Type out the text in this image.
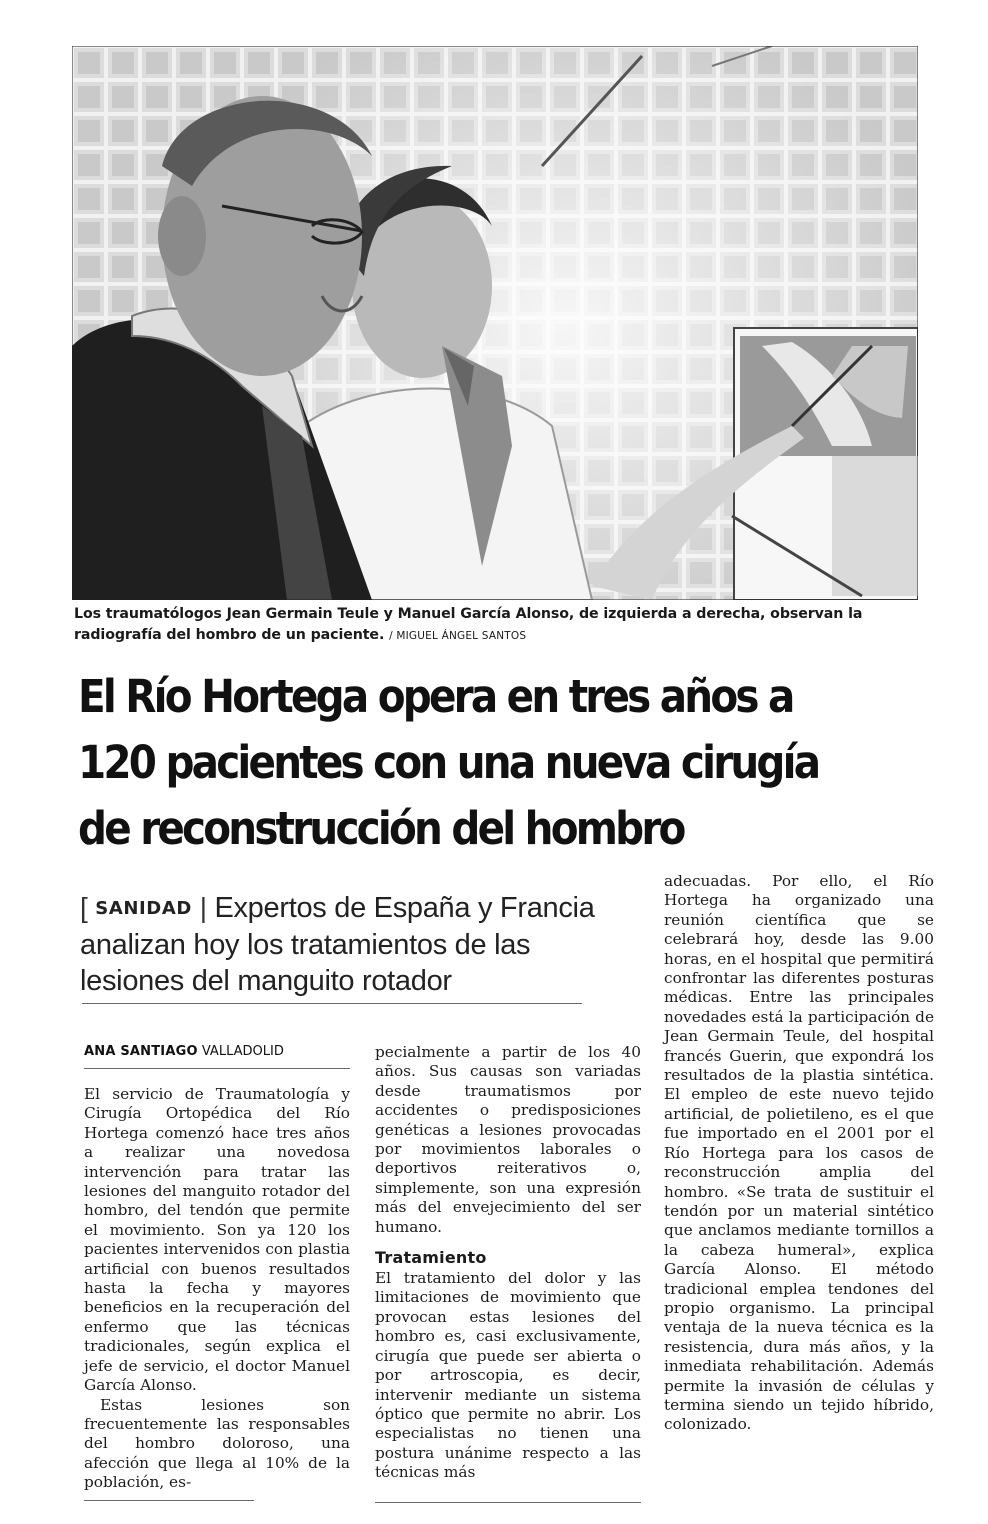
Los traumatólogos Jean Germain Teule y Manuel García Alonso, de izquierda a derecha, observan la radiografía del hombro de un paciente. / MIGUEL ÁNGEL SANTOS
El Río Hortega opera en tres años a 120 pacientes con una nueva cirugía de reconstrucción del hombro
[ SANIDAD | Expertos de España y Francia analizan hoy los tratamientos de las lesiones del manguito rotador
ANA SANTIAGO VALLADOLID

El servicio de Traumatología y Cirugía Ortopédica del Río Hortega comenzó hace tres años a realizar una novedosa intervención para tratar las lesiones del manguito rotador del hombro, del tendón que permite el movimiento. Son ya 120 los pacientes intervenidos con plastia artificial con buenos resultados hasta la fecha y mayores beneficios en la recuperación del enfermo que las técnicas tradicionales, según explica el jefe de servicio, el doctor Manuel García Alonso.

Estas lesiones son frecuentemente las responsables del hombro doloroso, una afección que llega al 10% de la población, es-

pecialmente a partir de los 40 años. Sus causas son variadas desde traumatismos por accidentes o predisposiciones genéticas a lesiones provocadas por movimientos laborales o deportivos reiterativos o, simplemente, son una expresión más del envejecimiento del ser humano.

Tratamiento

El tratamiento del dolor y las limitaciones de movimiento que provocan estas lesiones del hombro es, casi exclusivamente, cirugía que puede ser abierta o por artroscopia, es decir, intervenir mediante un sistema óptico que permite no abrir. Los especialistas no tienen una postura unánime respecto a las técnicas más

adecuadas. Por ello, el Río Hortega ha organizado una reunión científica que se celebrará hoy, desde las 9.00 horas, en el hospital que permitirá confrontar las diferentes posturas médicas. Entre las principales novedades está la participación de Jean Germain Teule, del hospital francés Guerin, que expondrá los resultados de la plastia sintética. El empleo de este nuevo tejido artificial, de polietileno, es el que fue importado en el 2001 por el Río Hortega para los casos de reconstrucción amplia del hombro. «Se trata de sustituir el tendón por un material sintético que anclamos mediante tornillos a la cabeza humeral», explica García Alonso. El método tradicional emplea tendones del propio organismo. La principal ventaja de la nueva técnica es la resistencia, dura más años, y la inmediata rehabilitación. Además permite la invasión de células y termina siendo un tejido híbrido, colonizado.
